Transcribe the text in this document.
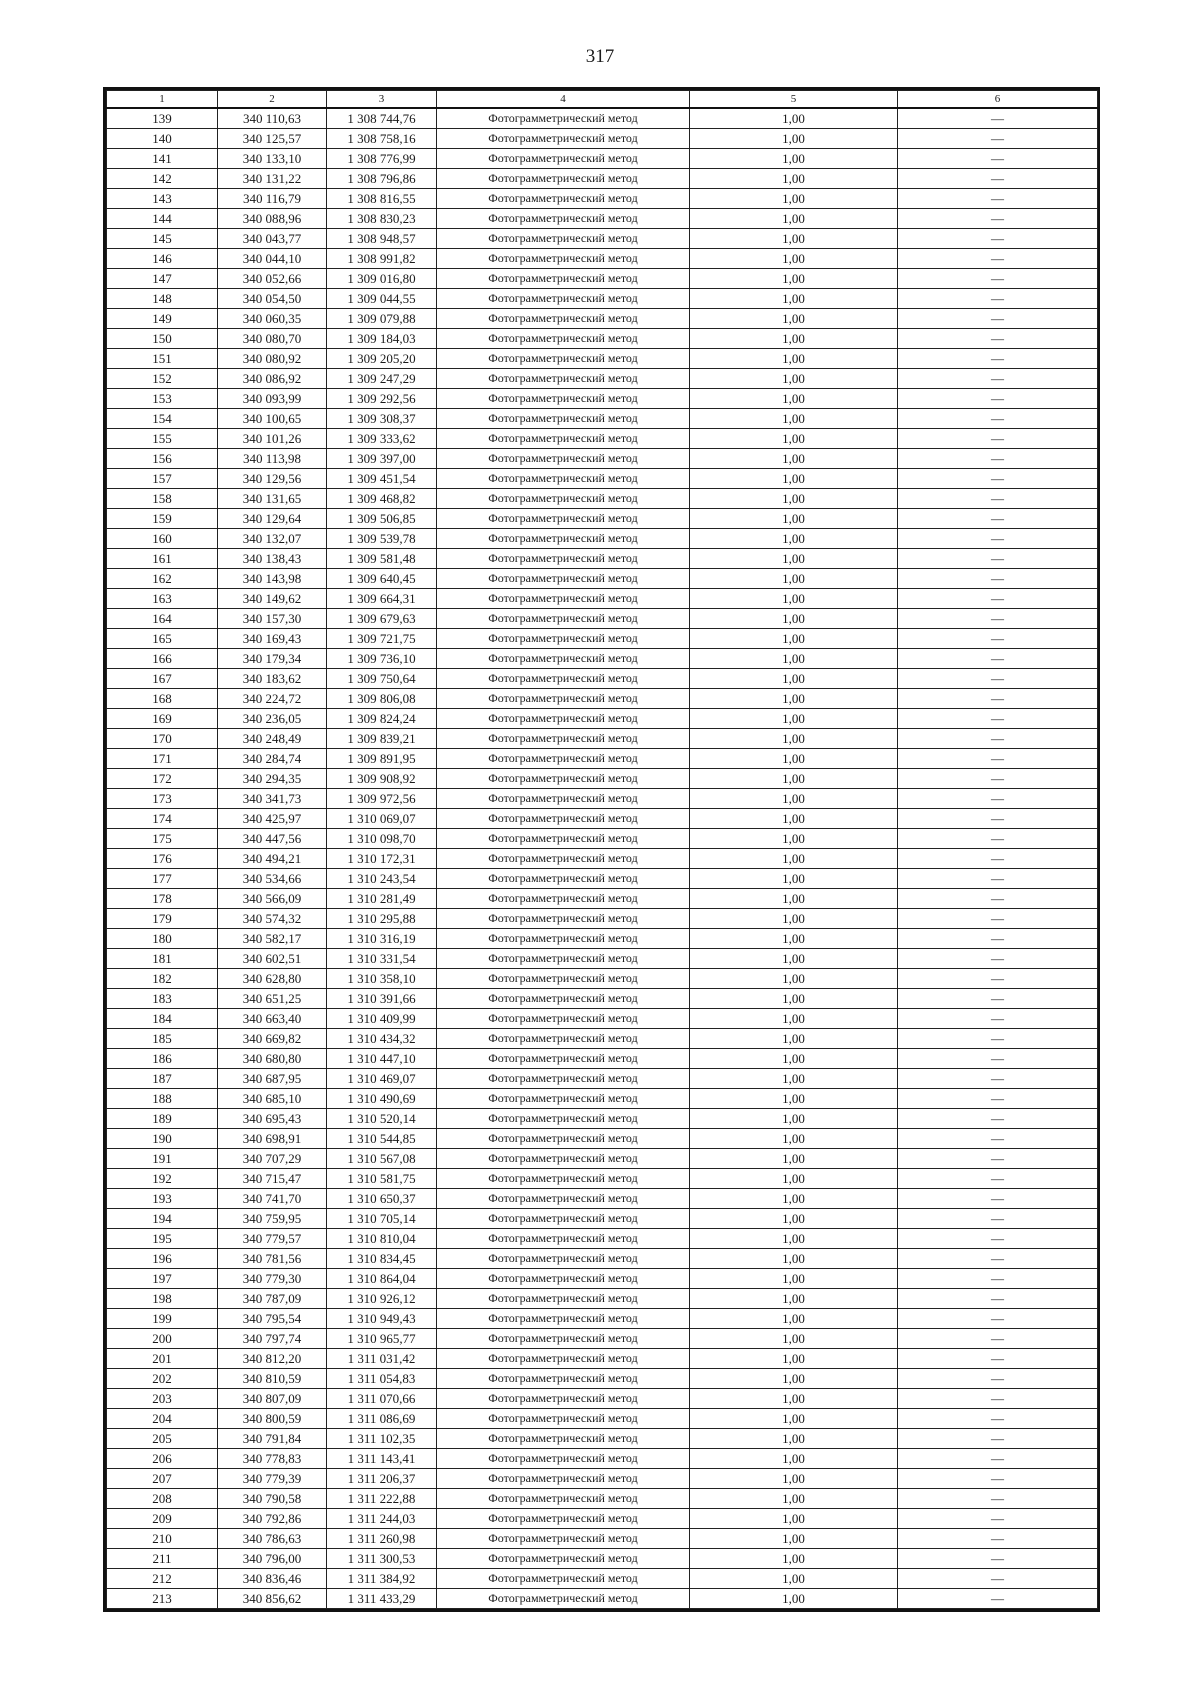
317
1	2	3	4	5	6
139	340 110,63	1 308 744,76	Фотограмметрический метод	1,00	—
140	340 125,57	1 308 758,16	Фотограмметрический метод	1,00	—
141	340 133,10	1 308 776,99	Фотограмметрический метод	1,00	—
142	340 131,22	1 308 796,86	Фотограмметрический метод	1,00	—
143	340 116,79	1 308 816,55	Фотограмметрический метод	1,00	—
144	340 088,96	1 308 830,23	Фотограмметрический метод	1,00	—
145	340 043,77	1 308 948,57	Фотограмметрический метод	1,00	—
146	340 044,10	1 308 991,82	Фотограмметрический метод	1,00	—
147	340 052,66	1 309 016,80	Фотограмметрический метод	1,00	—
148	340 054,50	1 309 044,55	Фотограмметрический метод	1,00	—
149	340 060,35	1 309 079,88	Фотограмметрический метод	1,00	—
150	340 080,70	1 309 184,03	Фотограмметрический метод	1,00	—
151	340 080,92	1 309 205,20	Фотограмметрический метод	1,00	—
152	340 086,92	1 309 247,29	Фотограмметрический метод	1,00	—
153	340 093,99	1 309 292,56	Фотограмметрический метод	1,00	—
154	340 100,65	1 309 308,37	Фотограмметрический метод	1,00	—
155	340 101,26	1 309 333,62	Фотограмметрический метод	1,00	—
156	340 113,98	1 309 397,00	Фотограмметрический метод	1,00	—
157	340 129,56	1 309 451,54	Фотограмметрический метод	1,00	—
158	340 131,65	1 309 468,82	Фотограмметрический метод	1,00	—
159	340 129,64	1 309 506,85	Фотограмметрический метод	1,00	—
160	340 132,07	1 309 539,78	Фотограмметрический метод	1,00	—
161	340 138,43	1 309 581,48	Фотограмметрический метод	1,00	—
162	340 143,98	1 309 640,45	Фотограмметрический метод	1,00	—
163	340 149,62	1 309 664,31	Фотограмметрический метод	1,00	—
164	340 157,30	1 309 679,63	Фотограмметрический метод	1,00	—
165	340 169,43	1 309 721,75	Фотограмметрический метод	1,00	—
166	340 179,34	1 309 736,10	Фотограмметрический метод	1,00	—
167	340 183,62	1 309 750,64	Фотограмметрический метод	1,00	—
168	340 224,72	1 309 806,08	Фотограмметрический метод	1,00	—
169	340 236,05	1 309 824,24	Фотограмметрический метод	1,00	—
170	340 248,49	1 309 839,21	Фотограмметрический метод	1,00	—
171	340 284,74	1 309 891,95	Фотограмметрический метод	1,00	—
172	340 294,35	1 309 908,92	Фотограмметрический метод	1,00	—
173	340 341,73	1 309 972,56	Фотограмметрический метод	1,00	—
174	340 425,97	1 310 069,07	Фотограмметрический метод	1,00	—
175	340 447,56	1 310 098,70	Фотограмметрический метод	1,00	—
176	340 494,21	1 310 172,31	Фотограмметрический метод	1,00	—
177	340 534,66	1 310 243,54	Фотограмметрический метод	1,00	—
178	340 566,09	1 310 281,49	Фотограмметрический метод	1,00	—
179	340 574,32	1 310 295,88	Фотограмметрический метод	1,00	—
180	340 582,17	1 310 316,19	Фотограмметрический метод	1,00	—
181	340 602,51	1 310 331,54	Фотограмметрический метод	1,00	—
182	340 628,80	1 310 358,10	Фотограмметрический метод	1,00	—
183	340 651,25	1 310 391,66	Фотограмметрический метод	1,00	—
184	340 663,40	1 310 409,99	Фотограмметрический метод	1,00	—
185	340 669,82	1 310 434,32	Фотограмметрический метод	1,00	—
186	340 680,80	1 310 447,10	Фотограмметрический метод	1,00	—
187	340 687,95	1 310 469,07	Фотограмметрический метод	1,00	—
188	340 685,10	1 310 490,69	Фотограмметрический метод	1,00	—
189	340 695,43	1 310 520,14	Фотограмметрический метод	1,00	—
190	340 698,91	1 310 544,85	Фотограмметрический метод	1,00	—
191	340 707,29	1 310 567,08	Фотограмметрический метод	1,00	—
192	340 715,47	1 310 581,75	Фотограмметрический метод	1,00	—
193	340 741,70	1 310 650,37	Фотограмметрический метод	1,00	—
194	340 759,95	1 310 705,14	Фотограмметрический метод	1,00	—
195	340 779,57	1 310 810,04	Фотограмметрический метод	1,00	—
196	340 781,56	1 310 834,45	Фотограмметрический метод	1,00	—
197	340 779,30	1 310 864,04	Фотограмметрический метод	1,00	—
198	340 787,09	1 310 926,12	Фотограмметрический метод	1,00	—
199	340 795,54	1 310 949,43	Фотограмметрический метод	1,00	—
200	340 797,74	1 310 965,77	Фотограмметрический метод	1,00	—
201	340 812,20	1 311 031,42	Фотограмметрический метод	1,00	—
202	340 810,59	1 311 054,83	Фотограмметрический метод	1,00	—
203	340 807,09	1 311 070,66	Фотограмметрический метод	1,00	—
204	340 800,59	1 311 086,69	Фотограмметрический метод	1,00	—
205	340 791,84	1 311 102,35	Фотограмметрический метод	1,00	—
206	340 778,83	1 311 143,41	Фотограмметрический метод	1,00	—
207	340 779,39	1 311 206,37	Фотограмметрический метод	1,00	—
208	340 790,58	1 311 222,88	Фотограмметрический метод	1,00	—
209	340 792,86	1 311 244,03	Фотограмметрический метод	1,00	—
210	340 786,63	1 311 260,98	Фотограмметрический метод	1,00	—
211	340 796,00	1 311 300,53	Фотограмметрический метод	1,00	—
212	340 836,46	1 311 384,92	Фотограмметрический метод	1,00	—
213	340 856,62	1 311 433,29	Фотограмметрический метод	1,00	—
